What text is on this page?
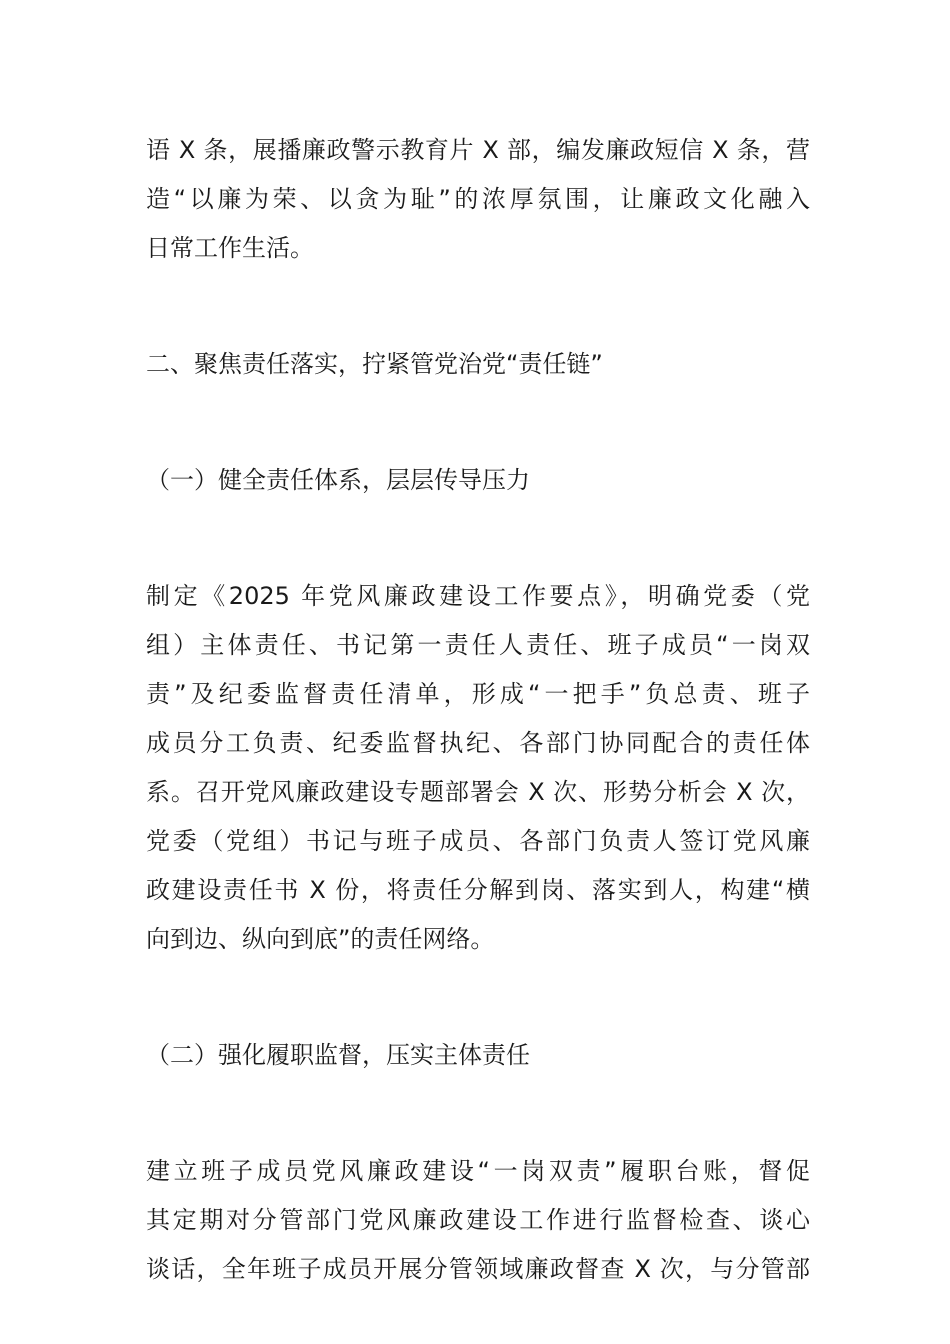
语 X 条，展播廉政警示教育片 X 部，编发廉政短信 X 条，营
造“以廉为荣、以贪为耻”的浓厚氛围，让廉政文化融入
日常工作生活。
二、聚焦责任落实，拧紧管党治党“责任链”
（一）健全责任体系，层层传导压力
制定《2025 年党风廉政建设工作要点》，明确党委（党
组）主体责任、书记第一责任人责任、班子成员“一岗双
责”及纪委监督责任清单，形成“一把手”负总责、班子
成员分工负责、纪委监督执纪、各部门协同配合的责任体
系。召开党风廉政建设专题部署会 X 次、形势分析会 X 次，
党委（党组）书记与班子成员、各部门负责人签订党风廉
政建设责任书 X 份，将责任分解到岗、落实到人，构建“横
向到边、纵向到底”的责任网络。
（二）强化履职监督，压实主体责任
建立班子成员党风廉政建设“一岗双责”履职台账，督促
其定期对分管部门党风廉政建设工作进行监督检查、谈心
谈话，全年班子成员开展分管领域廉政督查 X 次，与分管部
